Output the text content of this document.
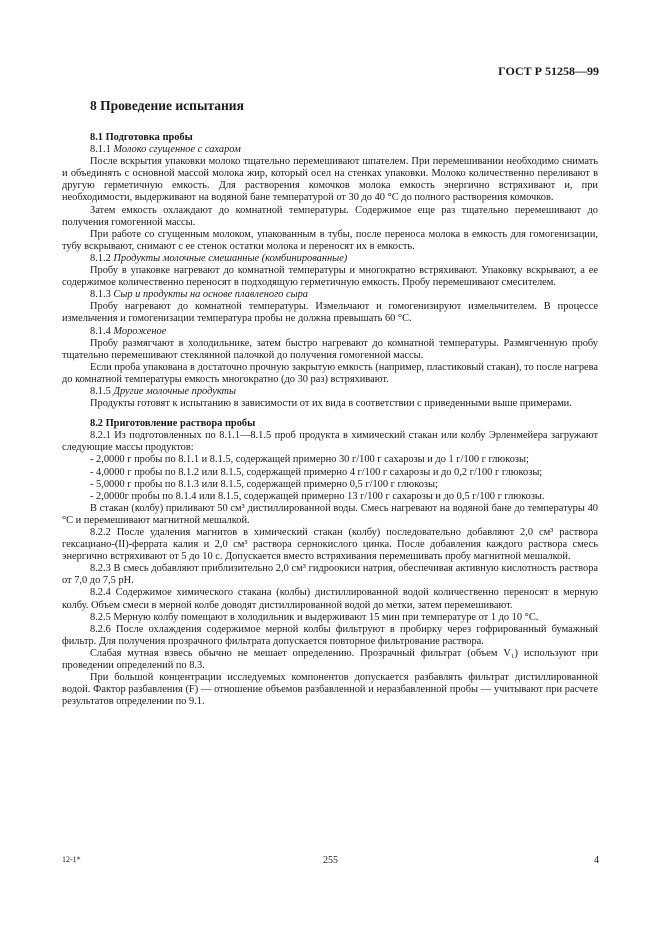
ГОСТ Р 51258—99
8 Проведение испытания
8.1 Подготовка пробы
8.1.1 Молоко сгущенное с сахаром
После вскрытия упаковки молоко тщательно перемешивают шпателем. При перемешивании необходимо снимать и объединять с основной массой молока жир, который осел на стенках упаковки. Молоко количественно переливают в другую герметичную емкость. Для растворения комочков молока емкость энергично встряхивают и, при необходимости, выдерживают на водяной бане температурой от 30 до 40 °С до полного растворения комочков.
Затем емкость охлаждают до комнатной температуры. Содержимое еще раз тщательно перемешивают до получения гомогенной массы.
При работе со сгущенным молоком, упакованным в тубы, после переноса молока в емкость для гомогенизации, тубу вскрывают, снимают с ее стенок остатки молока и переносят их в емкость.
8.1.2 Продукты молочные смешанные (комбинированные)
Пробу в упаковке нагревают до комнатной температуры и многократно встряхивают. Упаковку вскрывают, а ее содержимое количественно переносят в подходящую герметичную емкость. Пробу перемешивают смесителем.
8.1.3 Сыр и продукты на основе плавленого сыра
Пробу нагревают до комнатной температуры. Измельчают и гомогенизируют измельчителем. В процессе измельчения и гомогенизации температура пробы не должна превышать 60 °С.
8.1.4 Мороженое
Пробу размягчают в холодильнике, затем быстро нагревают до комнатной температуры. Размягченную пробу тщательно перемешивают стеклянной палочкой до получения гомогенной массы.
Если проба упакована в достаточно прочную закрытую емкость (например, пластиковый стакан), то после нагрева до комнатной температуры емкость многократно (до 30 раз) встряхивают.
8.1.5 Другие молочные продукты
Продукты готовят к испытанию в зависимости от их вида в соответствии с приведенными выше примерами.
8.2 Приготовление раствора пробы
8.2.1 Из подготовленных по 8.1.1—8.1.5 проб продукта в химический стакан или колбу Эрленмейера загружают следующие массы продуктов:
- 2,0000 г пробы по 8.1.1 и 8.1.5, содержащей примерно 30 г/100 г сахарозы и до 1 г/100 г глюкозы;
- 4,0000 г пробы по 8.1.2 или 8.1.5, содержащей примерно 4 г/100 г сахарозы и до 0,2 г/100 г глюкозы;
- 5,0000 г пробы по 8.1.3 или 8.1.5, содержащей примерно 0,5 г/100 г глюкозы;
- 2,0000г пробы по 8.1.4 или 8.1.5, содержащей примерно 13 г/100 г сахарозы и до 0,5 г/100 г глюкозы.
В стакан (колбу) приливают 50 см³ дистиллированной воды. Смесь нагревают на водяной бане до температуры 40 °С и перемешивают магнитной мешалкой.
8.2.2 После удаления магнитов в химический стакан (колбу) последовательно добавляют 2,0 см³ раствора гексациано-(II)-феррата калия и 2,0 см³ раствора сернокислого цинка. После добавления каждого раствора смесь энергично встряхивают от 5 до 10 с. Допускается вместо встряхивания перемешивать пробу магнитной мешалкой.
8.2.3 В смесь добавляют приблизительно 2,0 см³ гидроокиси натрия, обеспечивая активную кислотность раствора от 7,0 до 7,5 рН.
8.2.4 Содержимое химического стакана (колбы) дистиллированной водой количественно переносят в мерную колбу. Объем смеси в мерной колбе доводят дистиллированной водой до метки, затем перемешивают.
8.2.5 Мерную колбу помещают в холодильник и выдерживают 15 мин при температуре от 1 до 10 °С.
8.2.6 После охлаждения содержимое мерной колбы фильтруют в пробирку через гофрированный бумажный фильтр. Для получения прозрачного фильтрата допускается повторное фильтрование раствора.
Слабая мутная взвесь обычно не мешает определению. Прозрачный фильтрат (объем V₁) используют при проведении определений по 8.3.
При большой концентрации исследуемых компонентов допускается разбавлять фильтрат дистиллированной водой. Фактор разбавления (F) — отношение объемов разбавленной и неразбавленной пробы — учитывают при расчете результатов определении по 9.1.
12-1*	255	4
